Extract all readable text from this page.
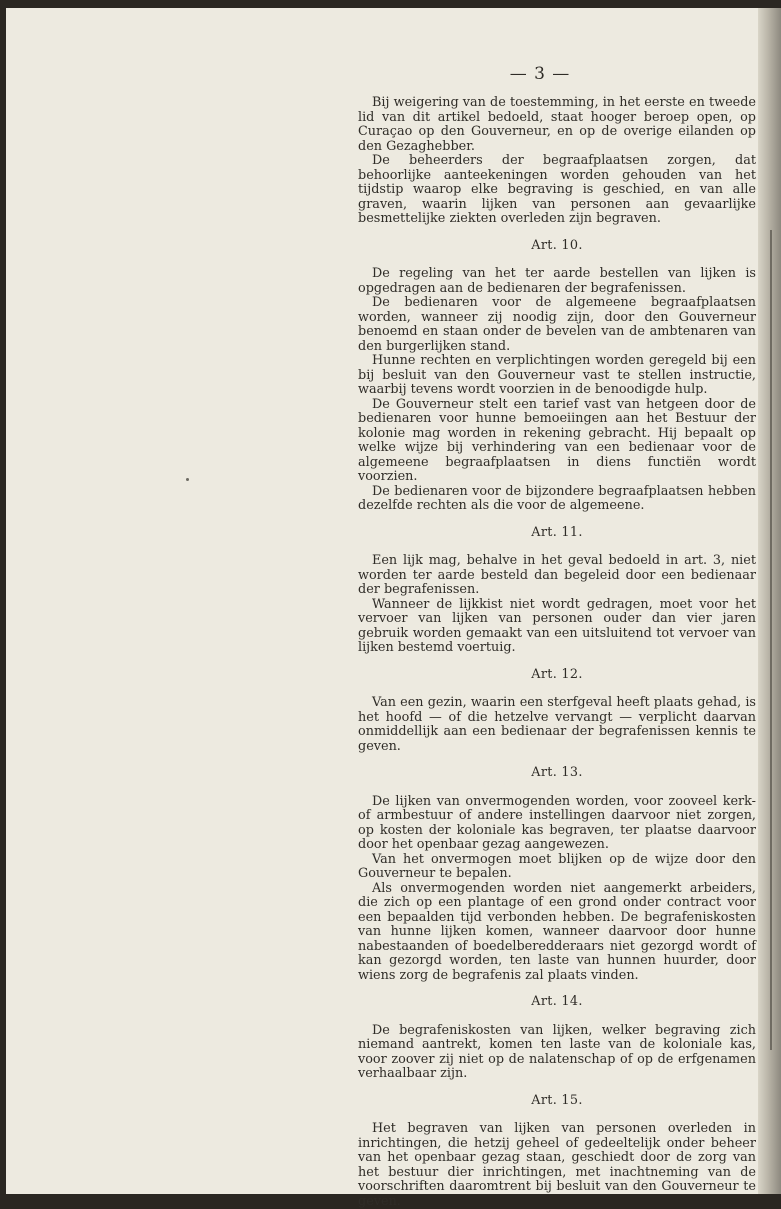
— 3 —

Bij weigering van de toestemming, in het eerste en tweede lid van dit artikel bedoeld, staat hooger beroep open, op Curaçao op den Gouverneur, en op de overige eilanden op den Gezaghebber.

De beheerders der begraafplaatsen zorgen, dat behoorlijke aanteekeningen worden gehouden van het tijdstip waarop elke begraving is geschied, en van alle graven, waarin lijken van personen aan gevaarlijke besmettelijke ziekten overleden zijn begraven.

Art. 10.

De regeling van het ter aarde bestellen van lijken is opgedragen aan de bedienaren der begrafenissen.

De bedienaren voor de algemeene begraafplaatsen worden, wanneer zij noodig zijn, door den Gouverneur benoemd en staan onder de bevelen van de ambtenaren van den burgerlijken stand.

Hunne rechten en verplichtingen worden geregeld bij een bij besluit van den Gouverneur vast te stellen instructie, waarbij tevens wordt voorzien in de benoodigde hulp.

De Gouverneur stelt een tarief vast van hetgeen door de bedienaren voor hunne bemoeiingen aan het Bestuur der kolonie mag worden in rekening gebracht. Hij bepaalt op welke wijze bij verhindering van een bedienaar voor de algemeene begraafplaatsen in diens functiën wordt voorzien.

De bedienaren voor de bijzondere begraafplaatsen hebben dezelfde rechten als die voor de algemeene.

Art. 11.

Een lijk mag, behalve in het geval bedoeld in art. 3, niet worden ter aarde besteld dan begeleid door een bedienaar der begrafenissen.

Wanneer de lijkkist niet wordt gedragen, moet voor het vervoer van lijken van personen ouder dan vier jaren gebruik worden gemaakt van een uitsluitend tot vervoer van lijken bestemd voertuig.

Art. 12.

Van een gezin, waarin een sterfgeval heeft plaats gehad, is het hoofd — of die hetzelve vervangt — verplicht daarvan onmiddellijk aan een bedienaar der begrafenissen kennis te geven.

Art. 13.

De lijken van onvermogenden worden, voor zooveel kerk- of armbestuur of andere instellingen daarvoor niet zorgen, op kosten der koloniale kas begraven, ter plaatse daarvoor door het openbaar gezag aangewezen.

Van het onvermogen moet blijken op de wijze door den Gouverneur te bepalen.

Als onvermogenden worden niet aangemerkt arbeiders, die zich op een plantage of een grond onder contract voor een bepaalden tijd verbonden hebben. De begrafeniskosten van hunne lijken komen, wanneer daarvoor door hunne nabestaanden of boedelberedderaars niet gezorgd wordt of kan gezorgd worden, ten laste van hunnen huurder, door wiens zorg de begrafenis zal plaats vinden.

Art. 14.

De begrafeniskosten van lijken, welker begraving zich niemand aantrekt, komen ten laste van de koloniale kas, voor zoover zij niet op de nalatenschap of op de erfgenamen verhaalbaar zijn.

Art. 15.

Het begraven van lijken van personen overleden in inrichtingen, die hetzij geheel of gedeeltelijk onder beheer van het openbaar gezag staan, geschiedt door de zorg van het bestuur dier inrichtingen, met inachtneming van de voorschriften daaromtrent bij besluit van den Gouverneur te geven.
